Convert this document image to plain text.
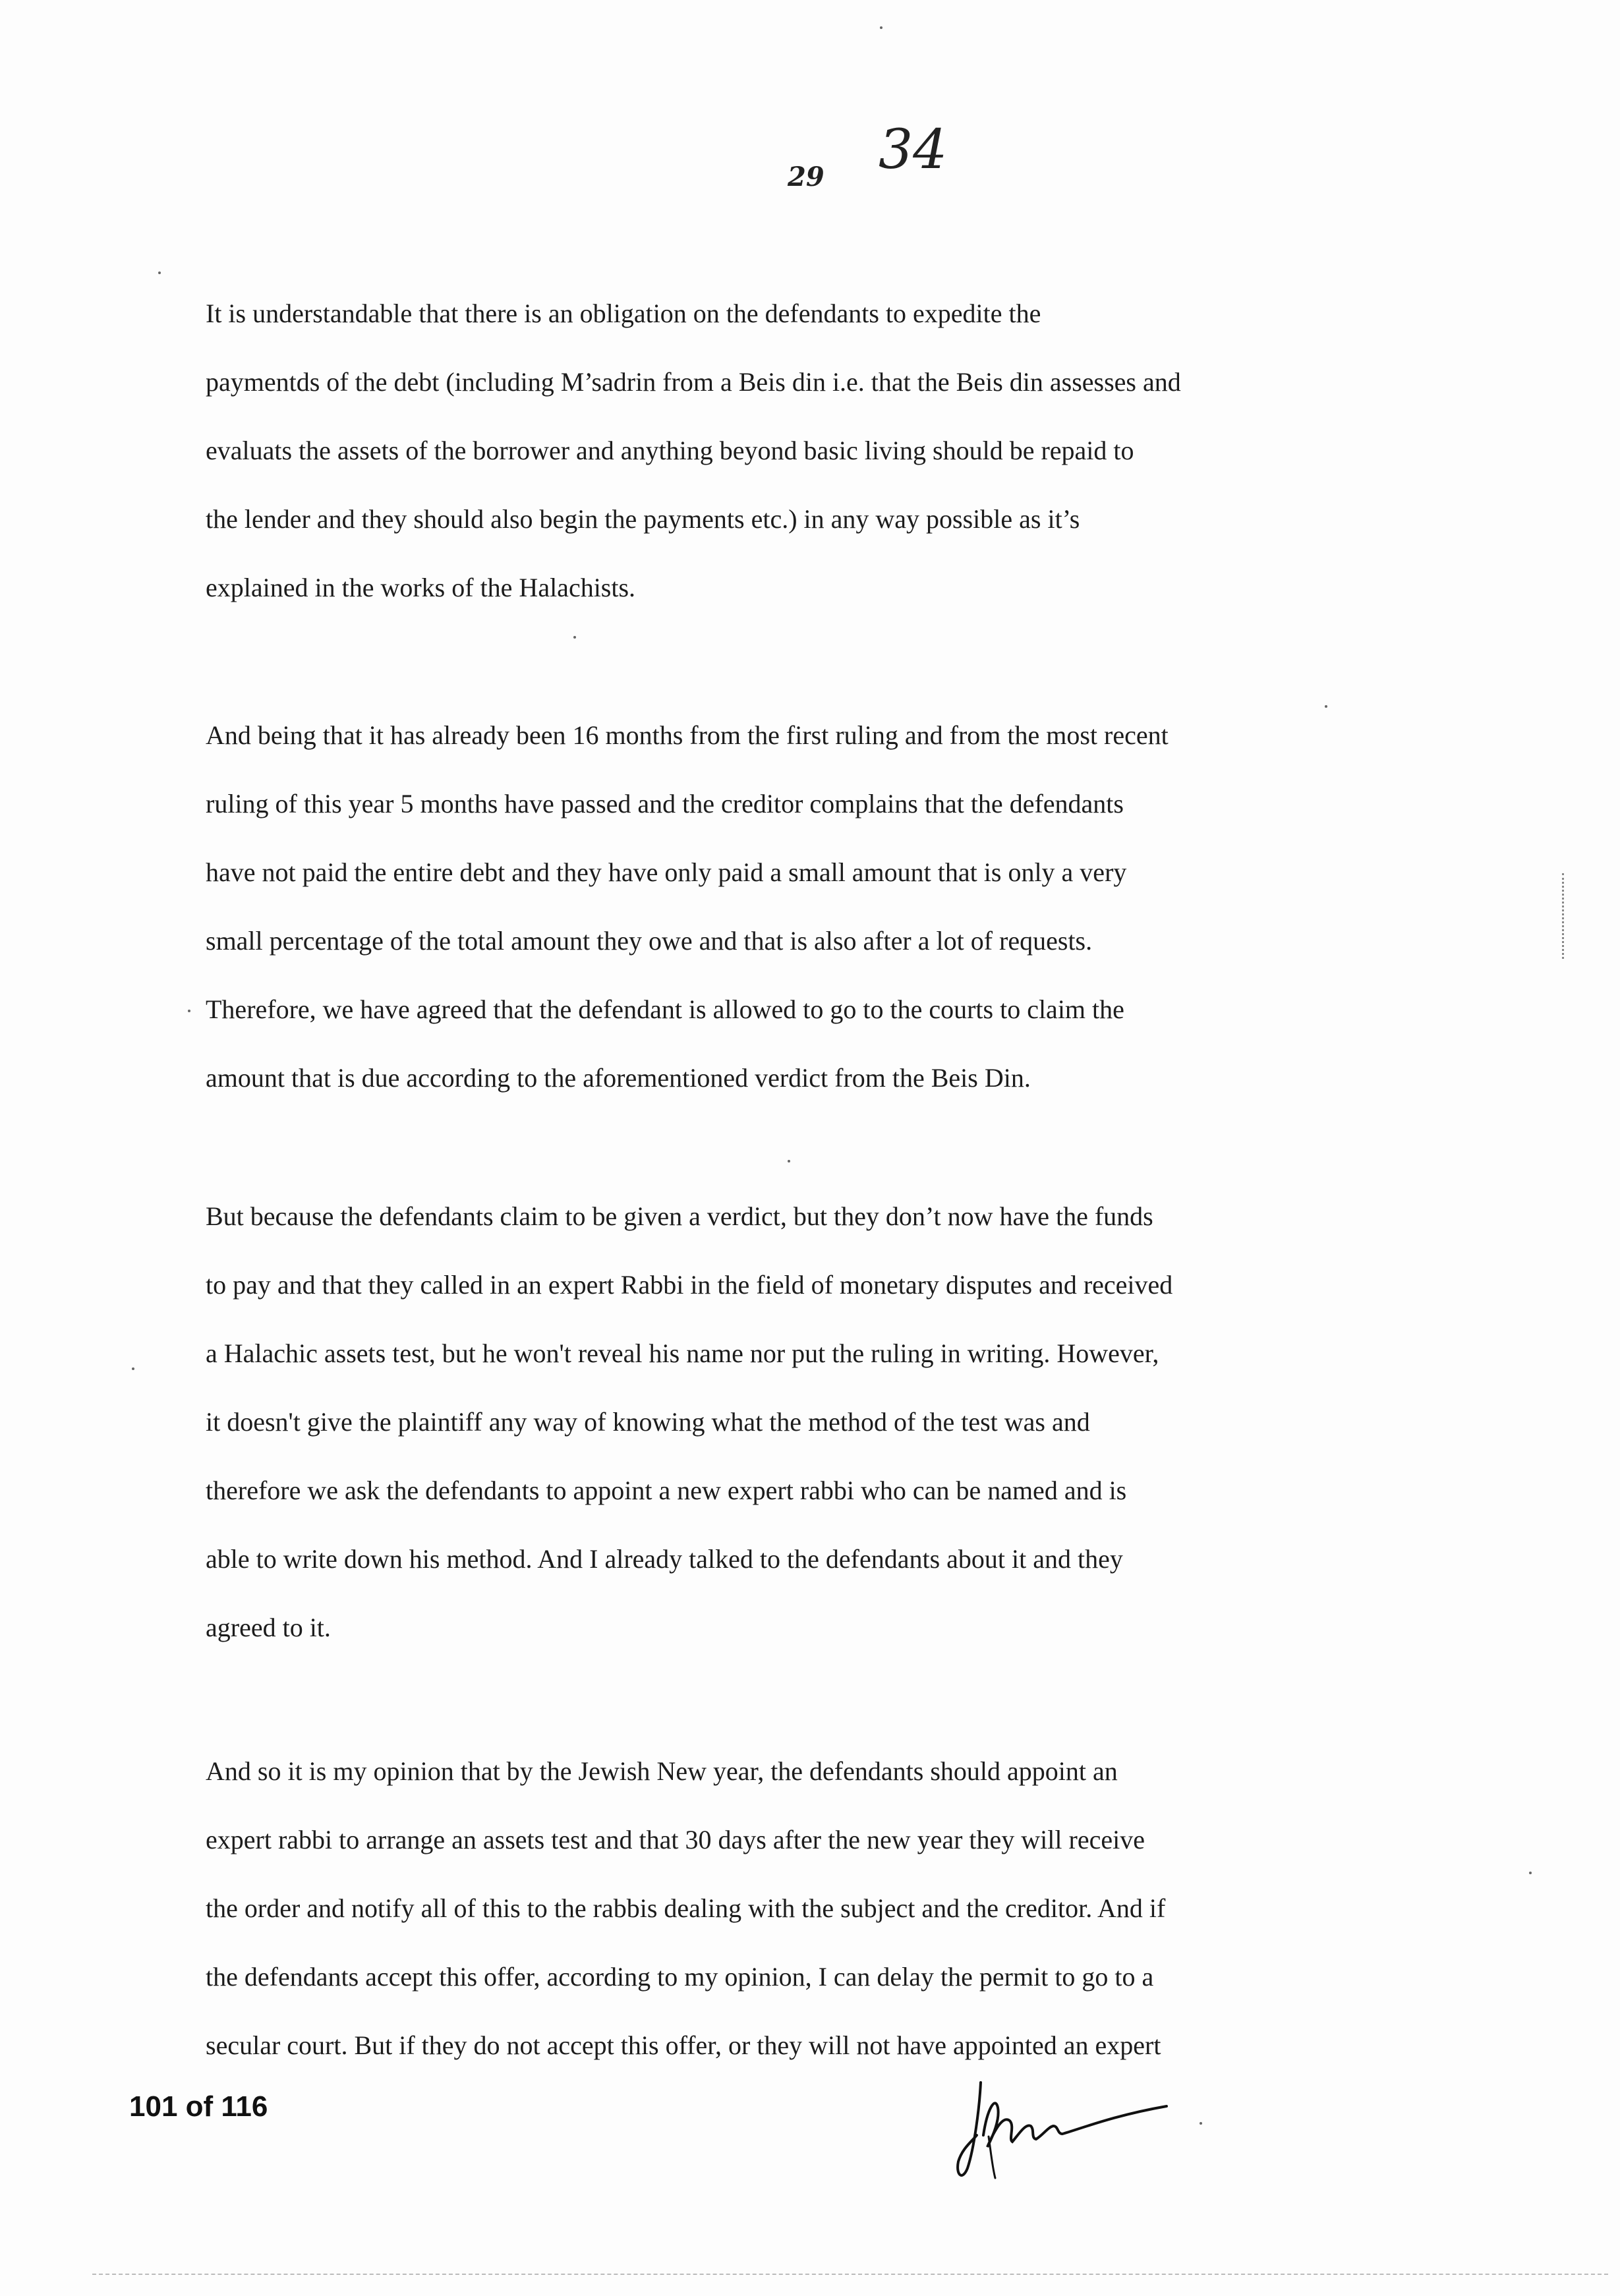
34
29
It is understandable that there is an obligation on the defendants to expedite the
paymentds of the debt (including M’sadrin from a Beis din i.e. that the Beis din assesses and
evaluats the assets of the borrower and anything beyond basic living should be repaid to
the lender and they should also begin the payments etc.) in any way possible as it’s
explained in the works of the Halachists.
And being that it has already been 16 months from the first ruling and from the most recent
ruling of this year 5 months have passed and the creditor complains that the defendants
have not paid the entire debt and they have only paid a small amount that is only a very
small percentage of the total amount they owe and that is also after a lot of requests.
Therefore, we have agreed that the defendant is allowed to go to the courts to claim the
amount that is due according to the aforementioned verdict from the Beis Din.
But because the defendants claim to be given a verdict, but they don’t now have the funds
to pay and that they called in an expert Rabbi in the field of monetary disputes and received
a Halachic assets test, but he won't reveal his name nor put the ruling in writing. However,
it doesn't give the plaintiff any way of knowing what the method of the test was and
therefore we ask the defendants to appoint a new expert rabbi who can be named and is
able to write down his method. And I already talked to the defendants about it and they
agreed to it.
And so it is my opinion that by the Jewish New year, the defendants should appoint an
expert rabbi to arrange an assets test and that 30 days after the new year they will receive
the order and notify all of this to the rabbis dealing with the subject and the creditor. And if
the defendants accept this offer, according to my opinion, I can delay the permit to go to a
secular court. But if they do not accept this offer, or they will not have appointed an expert
101 of 116
